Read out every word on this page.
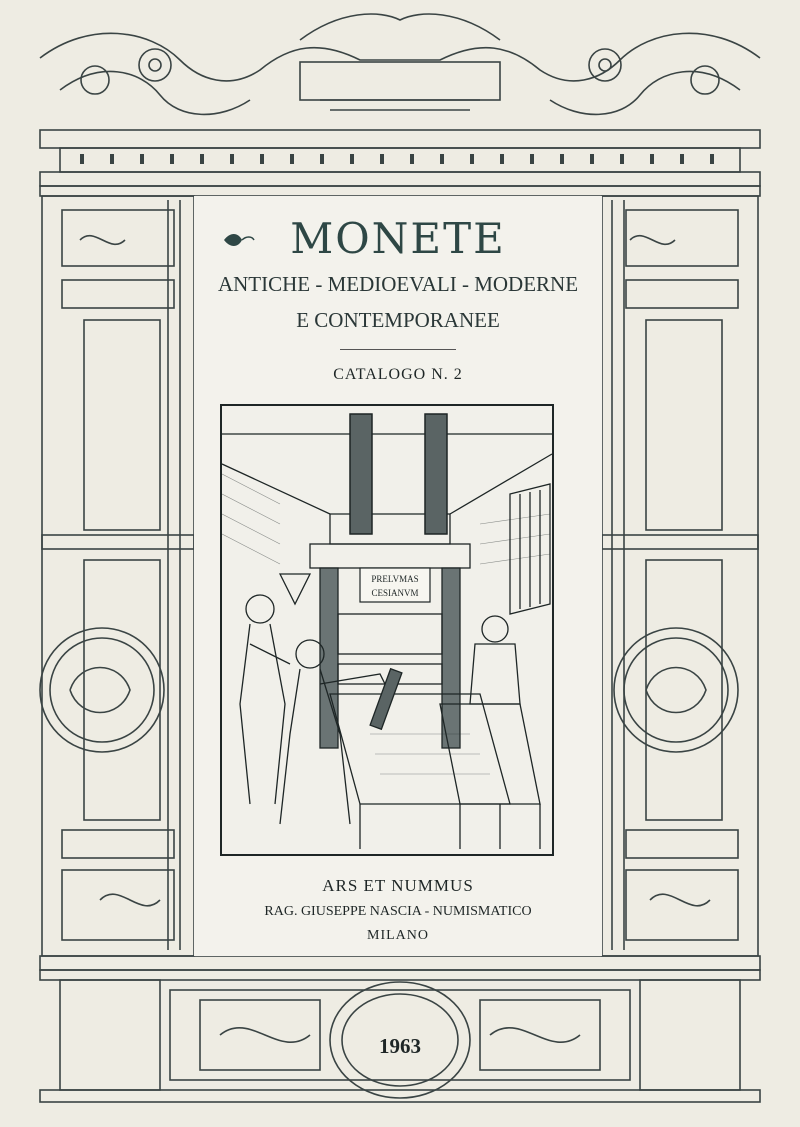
MONETE
ANTICHE - MEDIOEVALI - MODERNE
E CONTEMPORANEE
CATALOGO N. 2
PRELVMAS
CESIANVM
ARS ET NUMMUS
RAG. GIUSEPPE NASCIA - NUMISMATICO
MILANO
1963
